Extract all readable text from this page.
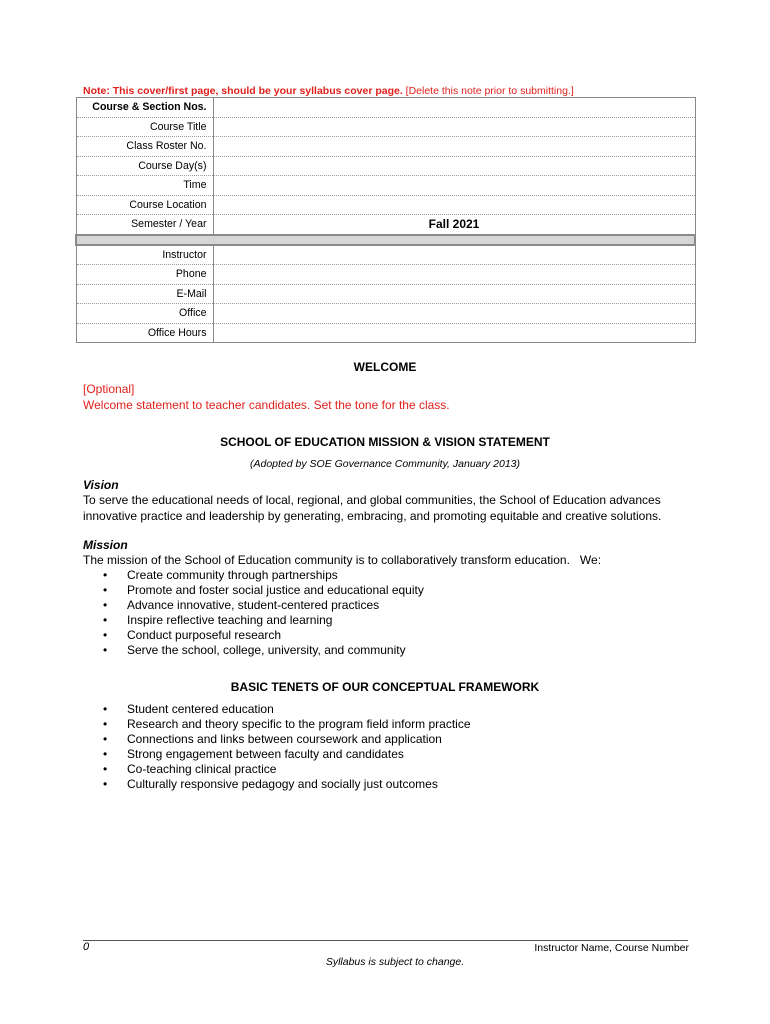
Note: This cover/first page, should be your syllabus cover page. [Delete this note prior to submitting.]
Course & Section Nos.	
Course Title	
Class Roster No.	
Course Day(s)	
Time	
Course Location	
Semester / Year	Fall 2021

Instructor	
Phone	
E-Mail	
Office	
Office Hours	
WELCOME
[Optional]
Welcome statement to teacher candidates. Set the tone for the class.
SCHOOL OF EDUCATION MISSION & VISION STATEMENT
(Adopted by SOE Governance Community, January 2013)
Vision
To serve the educational needs of local, regional, and global communities, the School of Education advances innovative practice and leadership by generating, embracing, and promoting equitable and creative solutions.
Mission
The mission of the School of Education community is to collaboratively transform education.   We:
• Create community through partnerships
• Promote and foster social justice and educational equity
• Advance innovative, student-centered practices
• Inspire reflective teaching and learning
• Conduct purposeful research
• Serve the school, college, university, and community
BASIC TENETS OF OUR CONCEPTUAL FRAMEWORK
• Student centered education
• Research and theory specific to the program field inform practice
• Connections and links between coursework and application
• Strong engagement between faculty and candidates
• Co-teaching clinical practice
• Culturally responsive pedagogy and socially just outcomes
0	Instructor Name, Course Number
Syllabus is subject to change.
